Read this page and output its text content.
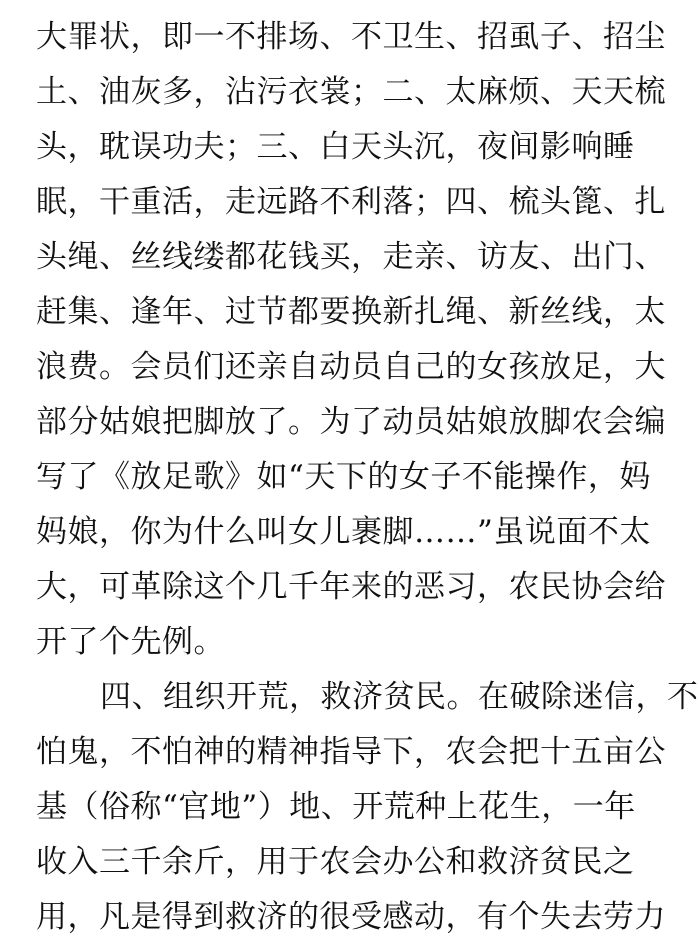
大罪状，即一不排场、不卫生、招虱子、招尘
土、油灰多，沾污衣裳；二、太麻烦、天天梳
头，耽误功夫；三、白天头沉，夜间影响睡
眠，干重活，走远路不利落；四、梳头篦、扎
头绳、丝线缕都花钱买，走亲、访友、出门、
赶集、逢年、过节都要换新扎绳、新丝线，太
浪费。会员们还亲自动员自己的女孩放足，大
部分姑娘把脚放了。为了动员姑娘放脚农会编
写了《放足歌》如“天下的女子不能操作，妈
妈娘，你为什么叫女儿裹脚……”虽说面不太
大，可革除这个几千年来的恶习，农民协会给
开了个先例。
四、组织开荒，救济贫民。在破除迷信，不
怕鬼，不怕神的精神指导下，农会把十五亩公
基（俗称“官地”）地、开荒种上花生，一年
收入三千余斤，用于农会办公和救济贫民之
用，凡是得到救济的很受感动，有个失去劳力
